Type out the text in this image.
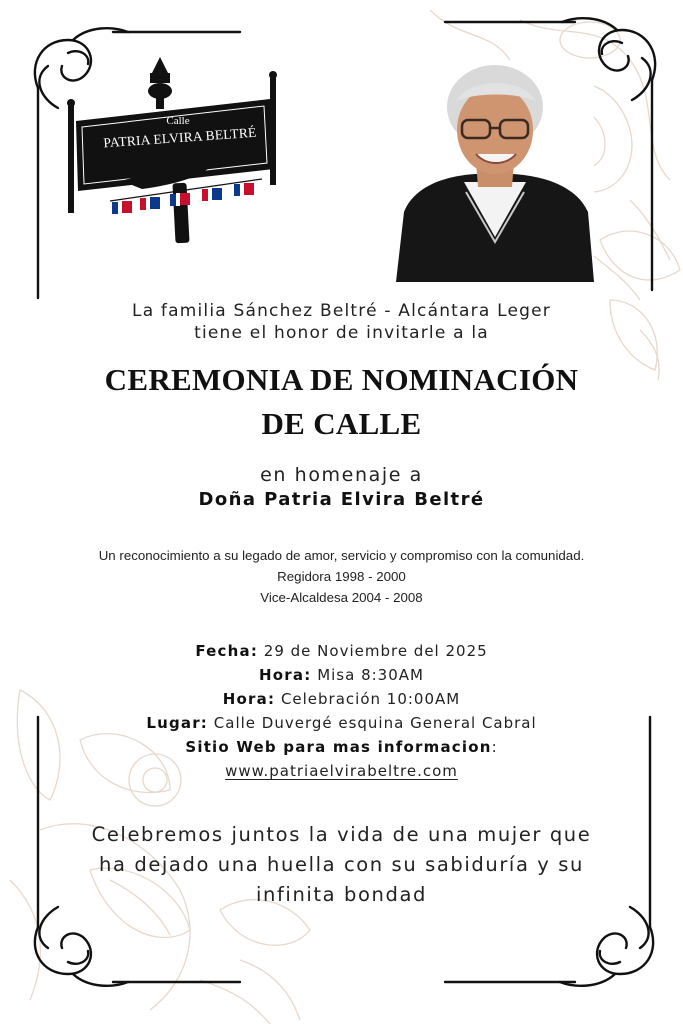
Calle
PATRIA ELVIRA BELTRÉ
La familia Sánchez Beltré - Alcántara Leger
tiene el honor de invitarle a la
CEREMONIA DE NOMINACIÓN
DE CALLE
en homenaje a
Doña Patria Elvira Beltré
Un reconocimiento a su legado de amor, servicio y compromiso con la comunidad.
Regidora 1998 - 2000
Vice-Alcaldesa 2004 - 2008
Fecha: 29 de Noviembre del 2025
Hora: Misa 8:30AM
Hora: Celebración 10:00AM
Lugar: Calle Duvergé esquina General Cabral
Sitio Web para mas informacion:
www.patriaelvirabeltre.com
Celebremos juntos la vida de una mujer que
ha dejado una huella con su sabiduría y su
infinita bondad
